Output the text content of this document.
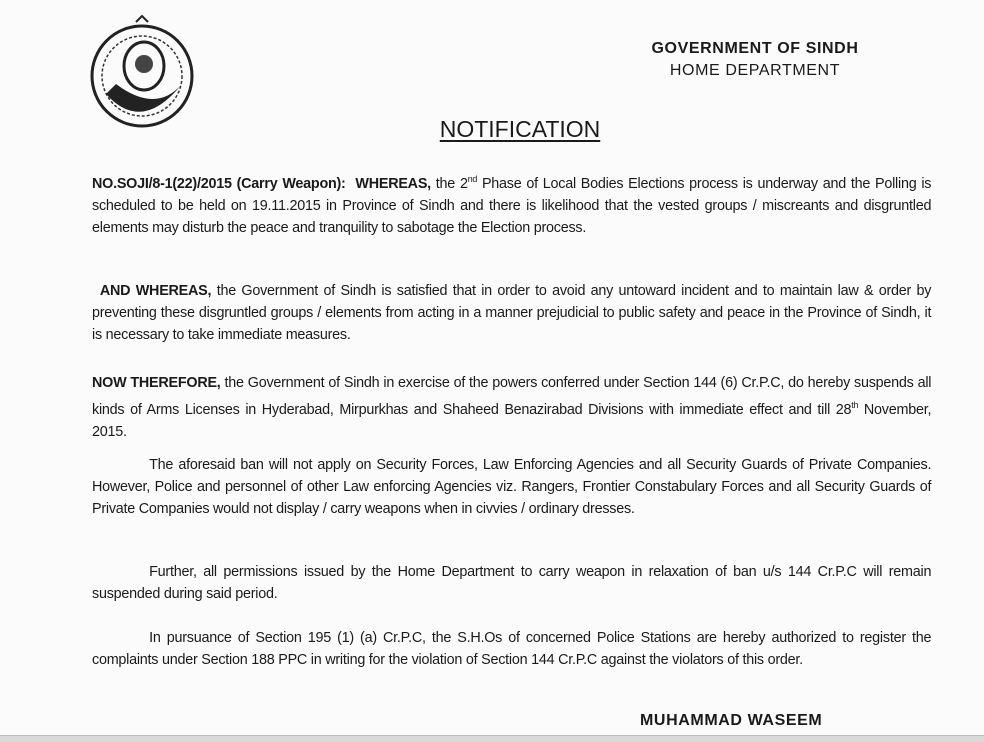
GOVERNMENT OF SINDH
HOME DEPARTMENT
NOTIFICATION
NO.SOJI/8-1(22)/2015 (Carry Weapon): WHEREAS, the 2nd Phase of Local Bodies Elections process is underway and the Polling is scheduled to be held on 19.11.2015 in Province of Sindh and there is likelihood that the vested groups / miscreants and disgruntled elements may disturb the peace and tranquility to sabotage the Election process.
AND WHEREAS, the Government of Sindh is satisfied that in order to avoid any untoward incident and to maintain law & order by preventing these disgruntled groups / elements from acting in a manner prejudicial to public safety and peace in the Province of Sindh, it is necessary to take immediate measures.
NOW THEREFORE, the Government of Sindh in exercise of the powers conferred under Section 144 (6) Cr.P.C, do hereby suspends all kinds of Arms Licenses in Hyderabad, Mirpurkhas and Shaheed Benazirabad Divisions with immediate effect and till 28th November, 2015.
The aforesaid ban will not apply on Security Forces, Law Enforcing Agencies and all Security Guards of Private Companies. However, Police and personnel of other Law enforcing Agencies viz. Rangers, Frontier Constabulary Forces and all Security Guards of Private Companies would not display / carry weapons when in civvies / ordinary dresses.
Further, all permissions issued by the Home Department to carry weapon in relaxation of ban u/s 144 Cr.P.C will remain suspended during said period.
In pursuance of Section 195 (1) (a) Cr.P.C, the S.H.Os of concerned Police Stations are hereby authorized to register the complaints under Section 188 PPC in writing for the violation of Section 144 Cr.P.C against the violators of this order.
MUHAMMAD WASEEM
